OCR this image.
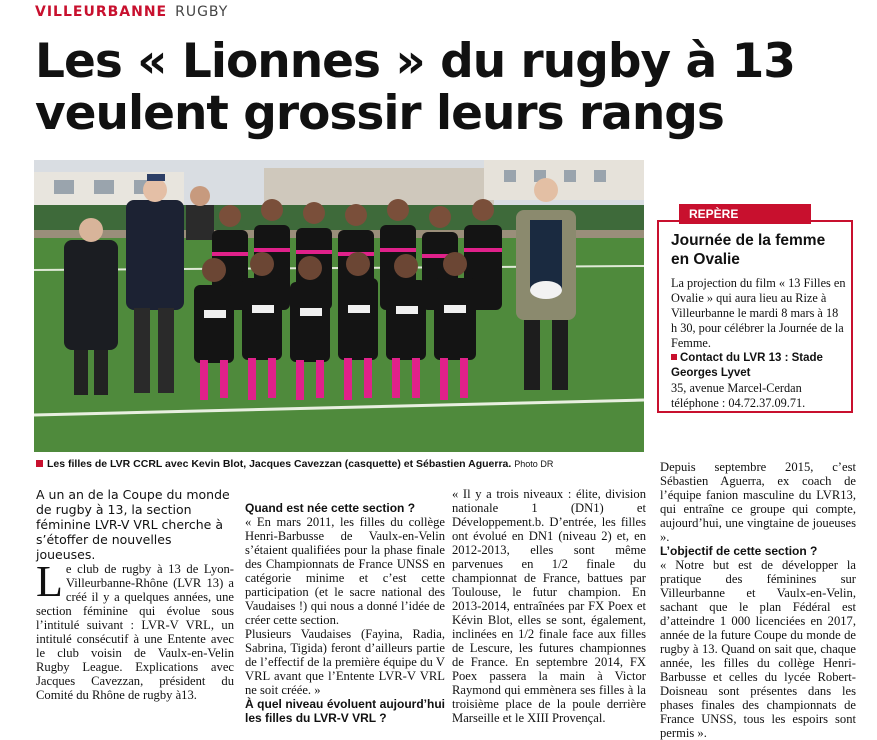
VILLEURBANNE RUGBY
Les « Lionnes » du rugby à 13
veulent grossir leurs rangs
Les filles de LVR CCRL avec Kevin Blot, Jacques Cavezzan (casquette) et Sébastien Aguerra. Photo DR
REPÈRE
Journée de la femme en Ovalie
La projection du film « 13 Filles en Ovalie » qui aura lieu au Rize à Villeurbanne le mardi 8 mars à 18 h 30, pour célébrer la Journée de la Femme.
Contact du LVR 13 : Stade Georges Lyvet
35, avenue Marcel-Cerdan
téléphone : 04.72.37.09.71.

A un an de la Coupe du monde de rugby à 13, la section féminine LVR-V VRL cherche à s’étoffer de nouvelles joueuses.

Le club de rugby à 13 de Lyon-Villeurbanne-Rhône (LVR 13) a créé il y a quelques années, une section féminine qui évolue sous l’intitulé suivant : LVR-V VRL, un intitulé consécutif à une Entente avec le club voisin de Vaulx-en-Velin Rugby League. Explications avec Jacques Cavezzan, président du Comité du Rhône de rugby à13.

Quand est née cette section ?

« En mars 2011, les filles du collège Henri-Barbusse de Vaulx-en-Velin s’étaient qualifiées pour la phase finale des Championnats de France UNSS en catégorie minime et c’est cette participation (et le sacre national des Vaudaises !) qui nous a donné l’idée de créer cette section.

Plusieurs Vaudaises (Fayina, Radia, Sabrina, Tigida) feront d’ailleurs partie de l’effectif de la première équipe du V VRL avant que l’Entente LVR-V VRL ne soit créée. »

À quel niveau évoluent aujourd’hui les filles du LVR-V VRL ?

« Il y a trois niveaux : élite, division nationale 1 (DN1) et Développement.b. D’entrée, les filles ont évolué en DN1 (niveau 2) et, en 2012-2013, elles sont même parvenues en 1/2 finale du championnat de France, battues par Toulouse, le futur champion. En 2013-2014, entraînées par FX Poex et Kévin Blot, elles se sont, également, inclinées en 1/2 finale face aux filles de Lescure, les futures championnes de France. En septembre 2014, FX Poex passera la main à Victor Raymond qui emmènera ses filles à la troisième place de la poule derrière Marseille et le XIII Provençal.

Depuis septembre 2015, c’est Sébastien Aguerra, ex coach de l’équipe fanion masculine du LVR13, qui entraîne ce groupe qui compte, aujourd’hui, une vingtaine de joueuses ».

L’objectif de cette section ?

« Notre but est de développer la pratique des féminines sur Villeurbanne et Vaulx-en-Velin, sachant que le plan Fédéral est d’atteindre 1 000 licenciées en 2017, année de la future Coupe du monde de rugby à 13. Quand on sait que, chaque année, les filles du collège Henri-Barbusse et celles du lycée Robert-Doisneau sont présentes dans les phases finales des championnats de France UNSS, tous les espoirs sont permis ».
